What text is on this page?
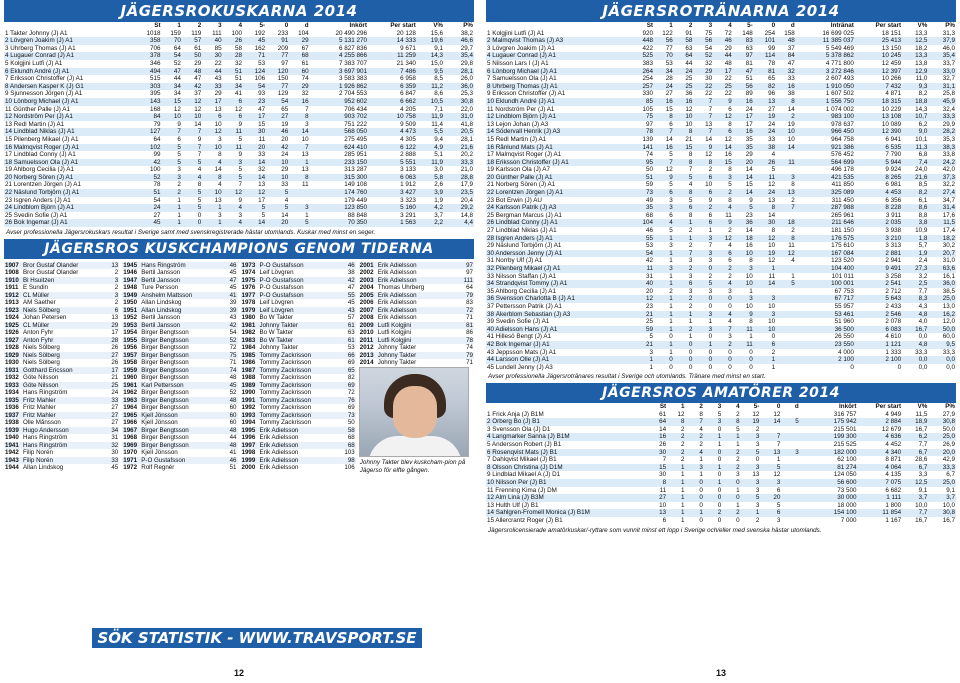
JÄGERSROKUSKARNA 2014
	St	1	2	3	4	5-	0	d	Inkört	Per start	V%	P%
1 Takter Johnny (J) A1	1018	159	119	111	100	192	233	104	20 490 296	20 128	15,6	38,2
2 Lövgren Joakim (J) A1	358	70	57	40	26	45	91	29	5 131 270	14 333	19,6	46,6
3 Uhrberg Thomas (J) A1	706	64	61	85	58	162	209	67	6 827 836	9 671	9,1	29,7
4 Lugauer Conrad (J) A1	378	54	50	30	28	71	77	68	4 255 866	11 259	14,3	35,4
5 Kolgjini Lutfi (J) A1	346	52	29	22	32	53	97	61	7 383 707	21 340	15,0	29,8
6 Eklundh André (J) A1	494	47	48	44	51	124	120	60	3 697 901	7 486	9,5	28,1
7 Eriksson Christoffer (J) A1	515	44	47	43	51	106	150	74	3 583 383	6 958	8,5	26,0
8 Andersen Kasper K (J) G1	303	34	42	33	34	54	77	29	1 926 862	6 359	11,2	36,0
9 Sjunnesson Jörgen (J) A1	395	34	37	29	41	93	129	32	2 704 553	6 847	8,6	25,3
10 Lönborg Michael (J) A1	143	15	12	17	6	23	54	16	952 602	6 662	10,5	30,8
11 Günther Palle (J) A1	168	12	12	13	12	47	65	7	706 434	4 205	7,1	22,0
12 Nordström Per (J) A1	84	10	10	6	6	17	27	8	903 702	10 758	11,9	31,0
13 Redl Martin (J) A1	79	9	14	10	9	15	19	3	751 222	9 509	11,4	41,8
14 Lindblad Niklas (J) A1	127	7	7	12	11	30	46	14	568 050	4 473	5,5	20,5
15 Pilenberg Mikael (J) A1	64	6	9	3	5	11	20	10	275 495	4 305	9,4	28,1
16 Malmqvist Roger (J) A1	102	5	7	10	11	20	42	7	624 410	6 122	4,9	21,6
17 Lindblad Conny (J) A1	99	5	7	8	9	33	24	13	285 951	2 888	5,1	20,2
18 Samuelsson Ola (J) A1	42	5	5	4	3	14	10	1	233 150	5 551	11,9	33,3
19 Ahlborg Cecilia (J) A1	100	3	4	14	5	32	29	13	313 287	3 133	3,0	21,0
20 Norberg Sören (J) A1	52	3	4	8	5	14	10	8	315 300	6 063	5,8	28,8
21 Lorentzen Jörgen (J) A1	78	2	8	4	7	13	33	11	149 108	1 912	2,6	17,9
22 Näslund Torbjörn (J) A1	51	2	5	10	12	12	5		174 760	3 427	3,9	23,5
23 Isgren Anders (J) A1	54	1	5	13	9	17	4		179 449	3 323	1,9	20,4
24 Lindblom Björn (J) A1	24	1	5	1	4	5	5	3	123 850	5 160	4,2	29,2
25 Svedin Sofie (J) A1	27	1	0	3	3	5	14	1	88 848	3 291	3,7	14,8
26 Bok Ingemar (J) A1	45	1	0	1	4	14	20	5	70 350	1 563	2,2	4,4
Avser professionella Jägersrokuskars resultat i Sverige samt med svenskregistrerade hästar utomlands. Kuskar med minst en seger.
JÄGERSROS KUSKCHAMPIONS GENOM TIDERNA
1907	Bror Gustaf Olander	13
1908	Bror Gustaf Olander	2
1910	Bi Hsuitzen	3
1911	E Sundin	2
1912	CL Müller	3
1913	AM Saether	2
1923	Niels Sölberg	6
1924	Johan Petersen	13
1925	CL Müller	29
1926	Anton Fyhr	17
1927	Anton Fyhr	28
1928	Niels Sölberg	26
1929	Niels Sölberg	27
1930	Niels Sölberg	26
1931	Gotthard Ericsson	17
1932	Göte Nilsson	21
1933	Göte Nilsson	25
1934	Hans Ringström	24
1935	Fritz Mahler	33
1936	Fritz Mahler	27
1937	Fritz Mahler	27
1938	Olle Månsson	27
1939	Hugo Andersson	34
1940	Hans Ringström	31
1941	Hans Ringström	32
1942	Filip Norén	30
1943	Filip Norén	33
1944	Allan Lindskog	45
1945	Hans Ringström	46
1946	Bertil Jansson	45
1947	Bertil Jansson	47
1948	Ture Persson	45
1949	Anshelm Mattsson	41
1950	Allan Lindskog	39
1951	Allan Lindskog	39
1952	Bertil Jansson	43
1953	Bertil Jansson	42
1954	Birger Bengtsson	54
1955	Birger Bengtsson	52
1956	Birger Bengtsson	72
1957	Birger Bengtsson	75
1958	Birger Bengtsson	71
1959	Birger Bengtsson	74
1960	Birger Bengtsson	48
1961	Karl Pettersson	45
1962	Birger Bengtsson	52
1963	Birger Bengtsson	48
1964	Birger Bengtsson	60
1965	Kjell Jönsson	60
1966	Kjell Jönsson	60
1967	Birger Bengtsson	48
1968	Birger Bengtsson	44
1969	Birger Bengtsson	48
1970	Kjell Jönsson	41
1971	P-O Gustafsson	46
1972	Rolf Regnér	51
1973	P-O Gustafsson	46
1974	Leif Lövgren	38
1975	P-O Gustafsson	42
1976	P-O Gustafsson	47
1977	P-O Gustafsson	55
1978	Leif Lövgren	45
1979	Leif Lövgren	43
1980	Bo W Takter	57
1981	Johnny Takter	61
1982	Bo W Takter	63
1983	Bo W Takter	61
1984	Johnny Takter	53
1985	Tommy Zackrisson	66
1986	Tommy Zackrisson	69
1987	Tommy Zackrisson	65
1988	Tommy Zackrisson	82
1989	Tommy Zackrisson	69
1990	Tommy Zackrisson	72
1991	Tommy Zackrisson	76
1992	Tommy Zackrisson	69
1993	Tommy Zackrisson	73
1994	Tommy Zackrisson	50
1995	Erik Adielsson	58
1996	Erik Adielsson	68
1997	Erik Adielsson	68
1998	Erik Adielsson	103
1999	Erik Adielsson	98
2000	Erik Adielsson	106
2001	Erik Adielsson	97
2002	Erik Adielsson	97
2003	Erik Adielsson	111
2004	Thomas Uhrberg	64
2005	Erik Adielsson	79
2006	Erik Adielsson	83
2007	Erik Adielsson	72
2008	Erik Adielsson	71
2009	Lutfi Kolgjini	81
2010	Lutfi Kolgjini	86
2011	Lutfi Kolgjini	78
2012	Johnny Takter	74
2013	Johnny Takter	79
2014	Johnny Takter	71
Johnny Takter blev kuskcham-pion på Jägerso för elfte gången.
SÖK STATISTIK - WWW.TRAVSPORT.SE
12
JÄGERSROTRÄNARNA 2014
	St	1	2	3	4	5-	0	d	Intränat	Per start	V%	P%
1 Kolgjini Lutfi (J) A1	920	122	91	75	72	148	254	158	16 699 025	18 151	13,3	31,3
2 Malmqvist Thomas (J) A3	448	56	58	56	46	83	101	48	11 385 037	25 413	12,5	37,9
3 Lövgren Joakim (J) A1	422	77	63	54	29	63	99	37	5 549 469	13 150	18,2	46,0
4 Lugauer Conrad (J) A1	525	70	64	52	44	97	114	84	5 378 862	10 245	13,3	35,4
5 Nilsson Lars I (J) A1	383	53	44	32	48	81	78	47	4 771 800	12 459	13,8	33,7
6 Lönborg Michael (J) A1	264	34	24	29	17	47	81	32	3 272 846	12 397	12,9	33,0
7 Samuelsson Ola (J) A1	254	28	25	30	22	51	65	33	2 607 493	10 266	11,0	32,7
8 Uhrberg Thomas (J) A1	257	24	25	22	25	56	82	16	1 910 050	7 432	9,3	31,1
9 Eriksson Christoffer (J) A1	330	27	36	22	22	89	96	38	1 607 502	4 871	8,2	25,8
10 Eklundh André (J) A1	85	16	16	7	9	16	13	8	1 556 750	18 315	18,8	45,9
11 Nordström Per (J) A1	105	15	12	7	6	24	27	14	1 074 002	10 229	14,3	32,4
12 Lindblom Björn (J) A1	75	8	10	7	12	17	19	2	983 100	13 108	10,7	33,3
13 Lejon Johan (J) A3	97	6	10	13	8	17	24	19	978 637	10 089	6,2	29,9
14 Södervall Henrik (J) A3	78	7	8	7	6	16	24	10	966 450	12 390	9,0	28,2
15 Redl Martin (J) A1	139	14	21	14	12	35	33	10	964 758	6 941	10,1	35,3
16 Rånlund Mats (J) A1	141	16	15	9	14	35	38	14	921 386	6 535	11,3	38,3
17 Malmqvist Roger (J) A1	74	5	8	12	16	29	4		576 452	7 790	6,8	33,8
18 Eriksson Christoffer (J) A1	95	7	8	8	15	20	26	11	564 699	5 944	7,4	24,2
19 Karlsson Ola (J) A7	50	12	7	2	8	14	5		496 178	9 924	24,0	42,0
20 Günther Palle (J) A1	51	9	5	6	3	14	11	3	421 535	8 265	21,6	37,3
21 Norberg Sören (J) A1	59	5	4	10	5	15	12	8	411 850	6 981	8,5	32,2
22 Lorentzen Jörgen (J) A1	73	6	8	6	2	14	24	13	325 089	4 453	8,2	27,4
23 Bot Erwin (J) AU	49	3	5	9	8	9	13	2	311 450	6 356	6,1	34,7
24 Karlsson Patrik (J) A3	35	3	6	2	4	5	8	7	287 988	8 228	8,6	31,4
25 Bergman Marcus (J) A1	68	6	8	6	11	23	14		265 961	3 911	8,8	17,6
26 Lindblad Conny (J) A1	104	4	1	6	9	36	30	18	211 646	2 035	3,8	11,5
27 Lindblad Niklas (J) A1	46	5	2	1	2	14	8	2	181 150	3 938	10,9	17,4
28 Isgren Anders (J) A1	55	1	1	3	12	18	12	8	176 575	3 210	1,8	18,2
29 Näslund Torbjörn (J) A1	53	3	2	7	4	16	10	11	175 610	3 313	5,7	30,2
30 Andersson Jenny (J) A1	54	1	7	3	6	10	19	12	167 084	2 881	1,9	20,7
31 Norrby Ulf (J) A1	42	1	3	3	6	8	12	4	123 520	2 941	2,4	31,0
32 Pilenberg Mikael (J) A1	11	3	2	0	2	3	1		104 400	9 491	27,3	63,6
33 Nilsson Staffan (J) A1	31	1	3	2	2	10	11	1	101 011	3 258	3,2	16,1
34 Strandqvist Tommy (J) A1	40	1	6	5	4	10	14	5	100 001	2 541	2,5	36,0
35 Ahlborg Cecilia (J) A1	20	2	3	3	3	1			67 753	2 712	7,7	38,5
36 Svensson Charlotta B (J) A1	12	1	2	0	0	3	3		67 717	5 643	8,3	25,0
37 Pettersson Patrik (J) A1	23	1	2	0	0	10	10		55 957	2 433	4,3	13,0
38 Åkerblom Sebastian (J) A3	21	1	1	3	4	9	3		53 461	2 546	4,8	16,2
39 Svedin Sofie (J) A1	25	1	1	1	4	8	10		51 960	2 078	4,0	12,0
40 Adielsson Hans (J) A1	59	1	2	3	7	11	10		36 500	6 083	16,7	50,0
41 Hillesö Bengt (J) A1	5	0	1	0	3	1	0		26 550	4 610	0,0	60,0
42 Bok Ingemar (J) A1	21	1	0	1	2	11	6		23 550	1 121	4,8	9,5
43 Jeppsson Mats (J) A1	3	1	0	0	0	0	2		4 000	1 333	33,3	33,3
44 Larsson Olle (J) A1	1	0	0	0	0	0	1		2 100	2 100	0,0	0,0
45 Lundell Jenny (J) A3	1	0	0	0	0	0	1		0	0	0,0	0,0
Avser professionella Jägersrotränares resultat i Sverige och utomlands. Tränare med minst en start.
JÄGERSROS AMATÖRER 2014
	St	1	2	3	4	5-	0	d	Inkört	Per start	V%	P%
1 Frick Anja (J) B1M	61	12	8	5	2	12	12		316 757	4 949	11,5	27,9
2 Örberg Bo (J) B1	64	8	7	3	8	19	14	5	175 942	2 884	18,9	30,8
3 Svensson Ola (J) D1	14	2	4	0	5	2			215 501	12 679	16,7	50,0
4 Langmarker Sanna (J) B1M	16	2	2	1	1	3	7		199 300	4 636	6,2	25,0
5 Andersson Robert (J) B1	26	2	2	1	1	3	7		215 525	4 452	7,7	26,9
6 Rosenqvist Mats (J) B1	30	2	4	0	2	5	13	3	182 000	4 340	6,7	20,0
7 Dahlqvist Mikael (J) B1	7	2	1	0	2	0	1		62 100	8 871	28,6	42,9
8 Olsson Christina (J) D1M	15	1	3	1	2	3	5		81 274	4 064	6,7	33,3
9 Lindblad Mikael A (J) D1	30	1	1	0	3	13	12		124 050	4 135	3,3	6,7
10 Nilsson Per (J) B1	8	1	0	1	0	3	3		56 600	7 075	12,5	25,0
11 Frenning Kima (J) DM	11	1	0	0	1	3	6		73 500	6 682	9,1	9,1
12 Alm Lina (J) B3M	27	1	0	0	0	5	20		30 000	1 111	3,7	3,7
13 Hulth Ulf (J) B1	10	1	0	0	1	3	5		18 000	1 800	10,0	10,0
14 Sahlgren-Fromell Monica (J) B1M	13	1	1	2	2	1	6		154 100	11 854	7,7	30,8
15 Allercrantz Roger (J) B1	6	1	0	0	0	2	3		7 000	1 167	16,7	16,7
Jägersrolicensierade amatörkuskar/-ryttare som vunnit minst ett lopp i Sverige och/eller med svenska hästar utomlands.
13
